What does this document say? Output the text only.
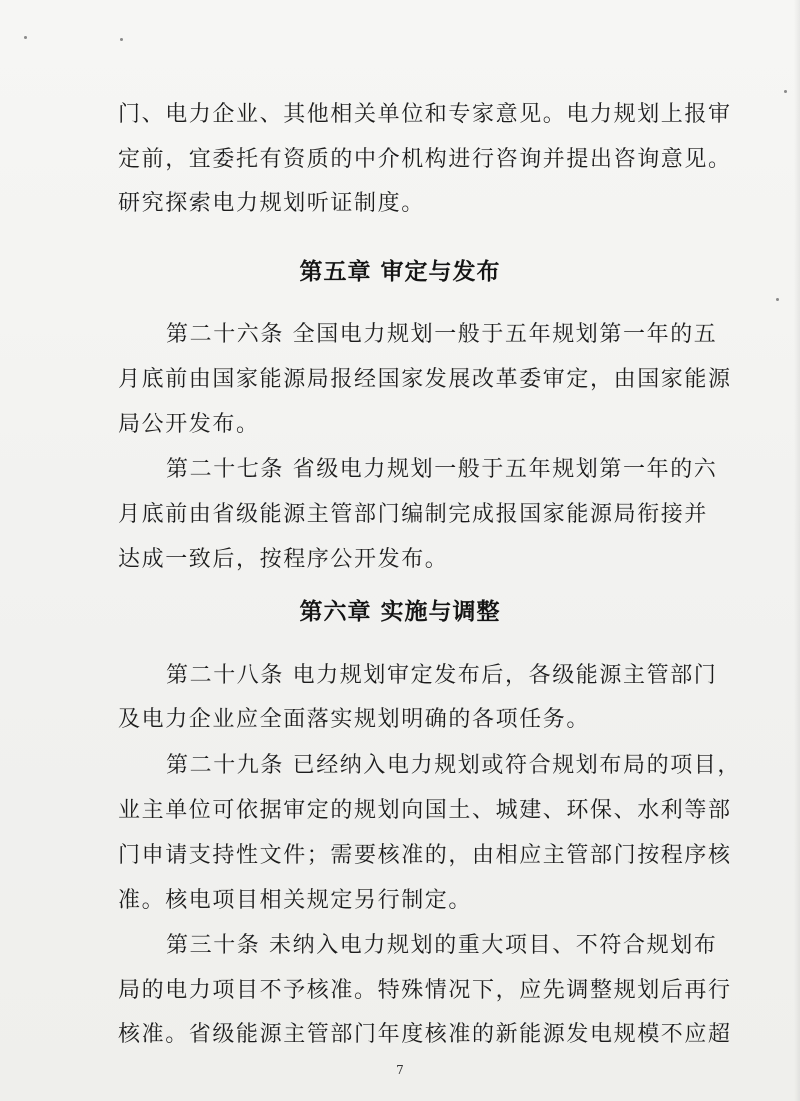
门、电力企业、其他相关单位和专家意见。电力规划上报审
定前，宜委托有资质的中介机构进行咨询并提出咨询意见。
研究探索电力规划听证制度。
第五章 审定与发布
第二十六条 全国电力规划一般于五年规划第一年的五
月底前由国家能源局报经国家发展改革委审定，由国家能源
局公开发布。
第二十七条 省级电力规划一般于五年规划第一年的六
月底前由省级能源主管部门编制完成报国家能源局衔接并
达成一致后，按程序公开发布。
第六章 实施与调整
第二十八条 电力规划审定发布后，各级能源主管部门
及电力企业应全面落实规划明确的各项任务。
第二十九条 已经纳入电力规划或符合规划布局的项目，
业主单位可依据审定的规划向国土、城建、环保、水利等部
门申请支持性文件；需要核准的，由相应主管部门按程序核
准。核电项目相关规定另行制定。
第三十条 未纳入电力规划的重大项目、不符合规划布
局的电力项目不予核准。特殊情况下，应先调整规划后再行
核准。省级能源主管部门年度核准的新能源发电规模不应超
7
